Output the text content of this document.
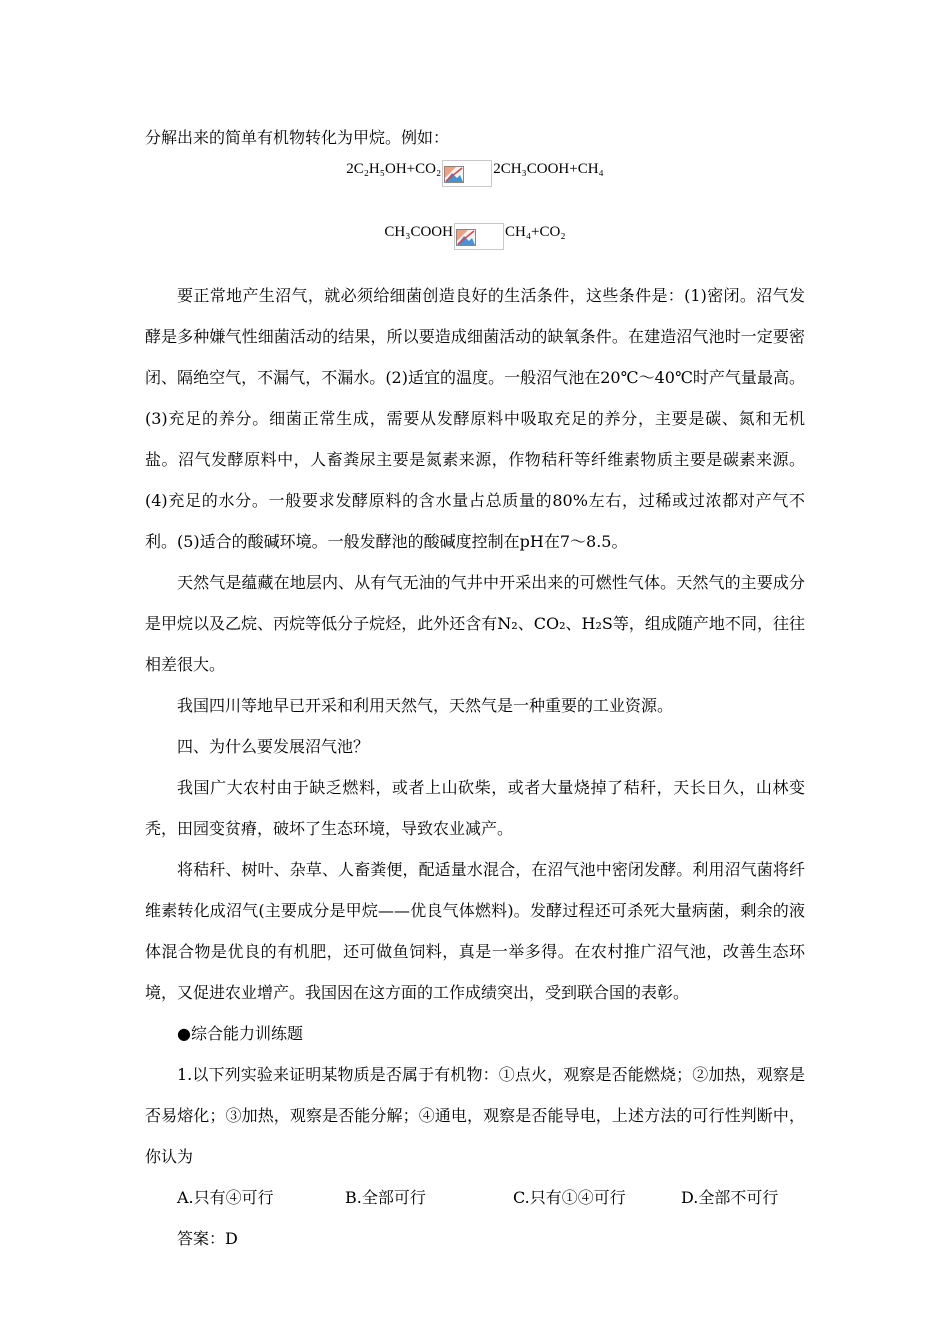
分解出来的简单有机物转化为甲烷。例如：
2C₂H₅OH+CO₂	2CH₃COOH+CH₄
CH₃COOH	CH₄+CO₂

要正常地产生沼气，就必须给细菌创造良好的生活条件，这些条件是：(1)密闭。沼气发酵是多种嫌气性细菌活动的结果，所以要造成细菌活动的缺氧条件。在建造沼气池时一定要密闭、隔绝空气，不漏气，不漏水。(2)适宜的温度。一般沼气池在20℃～40℃时产气量最高。(3)充足的养分。细菌正常生成，需要从发酵原料中吸取充足的养分，主要是碳、氮和无机盐。沼气发酵原料中，人畜粪尿主要是氮素来源，作物秸秆等纤维素物质主要是碳素来源。(4)充足的水分。一般要求发酵原料的含水量占总质量的80%左右，过稀或过浓都对产气不利。(5)适合的酸碱环境。一般发酵池的酸碱度控制在pH在7～8.5。

天然气是蕴藏在地层内、从有气无油的气井中开采出来的可燃性气体。天然气的主要成分是甲烷以及乙烷、丙烷等低分子烷烃，此外还含有N₂、CO₂、H₂S等，组成随产地不同，往往相差很大。

我国四川等地早已开采和利用天然气，天然气是一种重要的工业资源。

四、为什么要发展沼气池？

我国广大农村由于缺乏燃料，或者上山砍柴，或者大量烧掉了秸秆，天长日久，山林变秃，田园变贫瘠，破坏了生态环境，导致农业减产。

将秸秆、树叶、杂草、人畜粪便，配适量水混合，在沼气池中密闭发酵。利用沼气菌将纤维素转化成沼气(主要成分是甲烷——优良气体燃料)。发酵过程还可杀死大量病菌，剩余的液体混合物是优良的有机肥，还可做鱼饲料，真是一举多得。在农村推广沼气池，改善生态环境，又促进农业增产。我国因在这方面的工作成绩突出，受到联合国的表彰。

●综合能力训练题

1.以下列实验来证明某物质是否属于有机物：①点火，观察是否能燃烧；②加热，观察是否易熔化；③加热，观察是否能分解；④通电，观察是否能导电，上述方法的可行性判断中，你认为

A.只有④可行	B.全部可行	C.只有①④可行	D.全部不可行

答案：D
